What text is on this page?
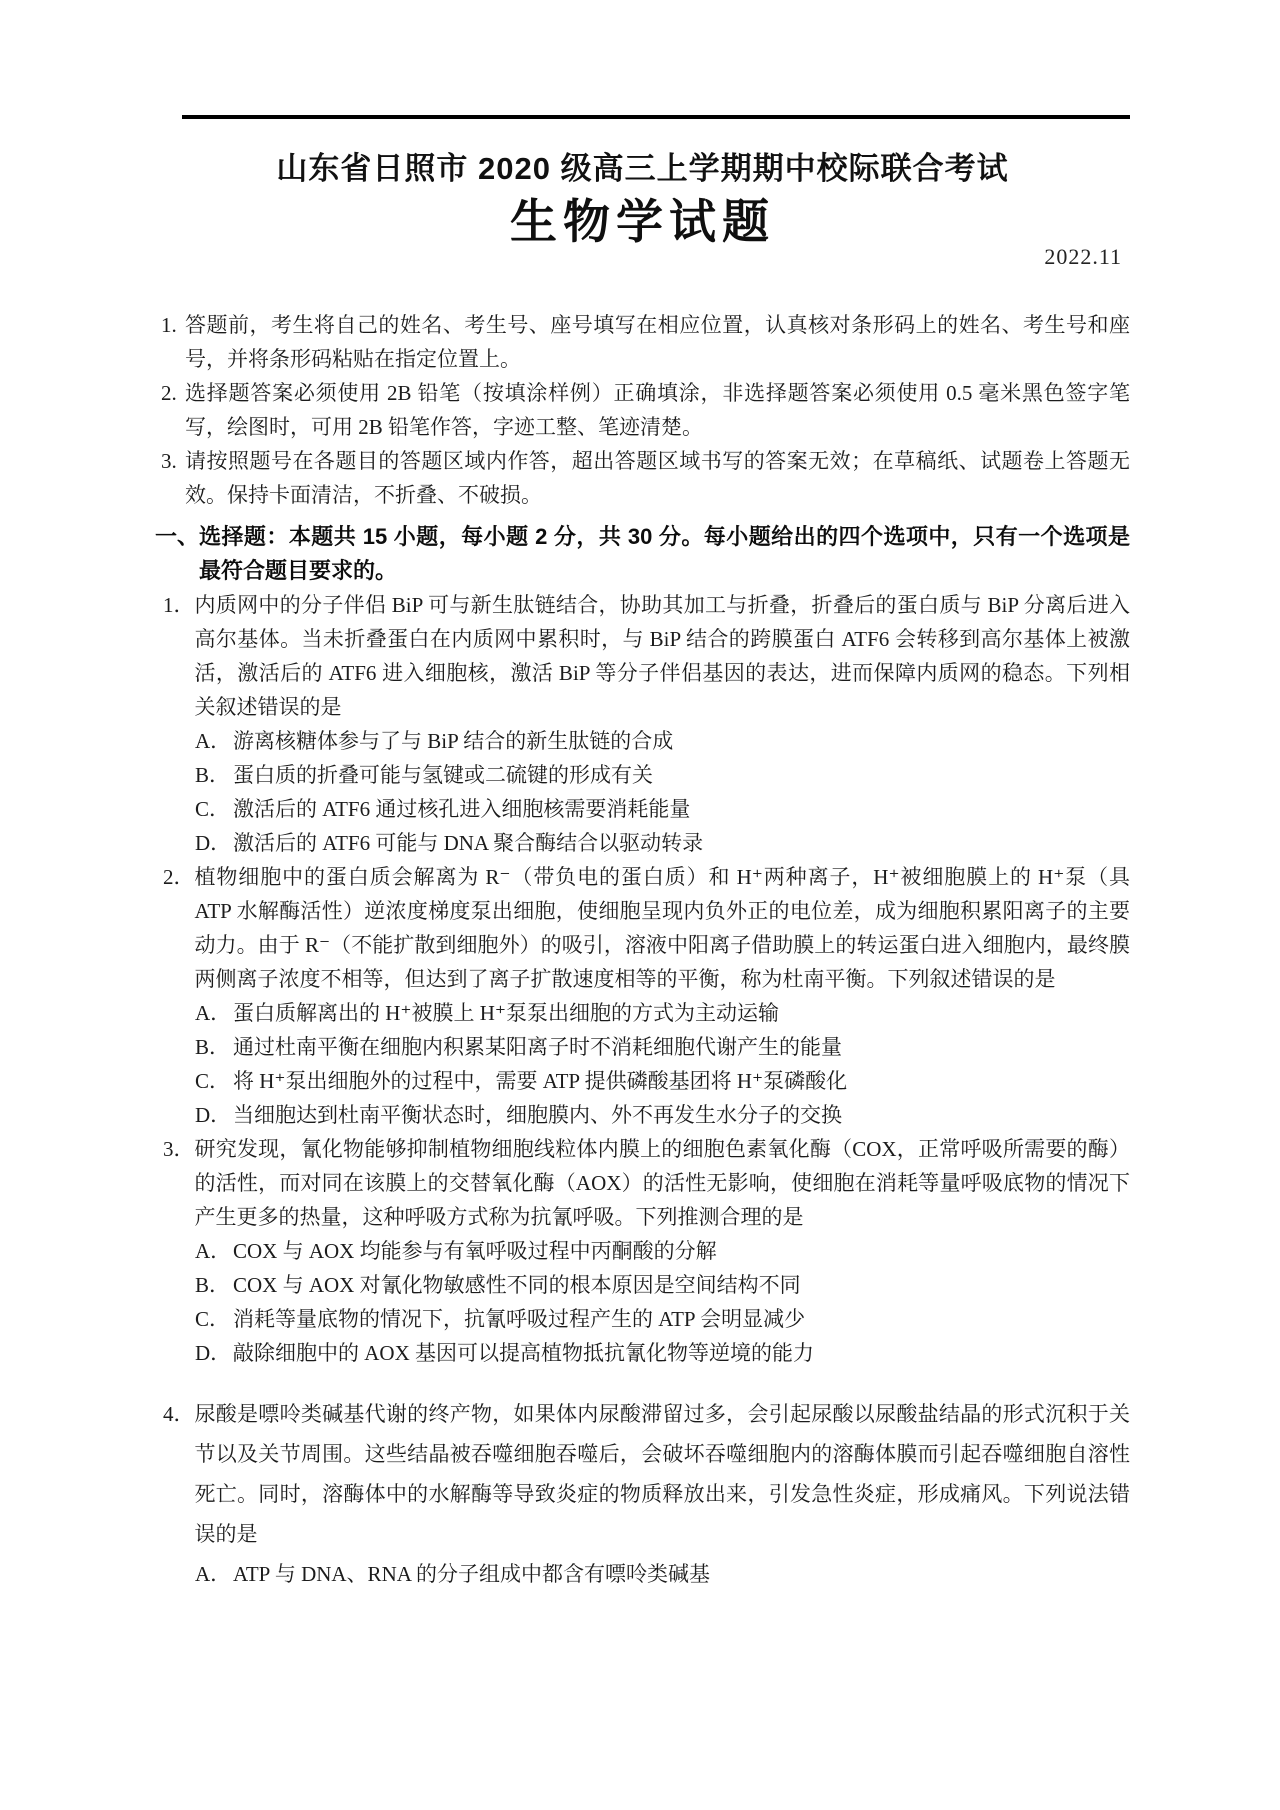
山东省日照市 2020 级高三上学期期中校际联合考试
生物学试题
2022.11
1. 答题前，考生将自己的姓名、考生号、座号填写在相应位置，认真核对条形码上的姓名、考生号和座号，并将条形码粘贴在指定位置上。
2. 选择题答案必须使用 2B 铅笔（按填涂样例）正确填涂，非选择题答案必须使用 0.5 毫米黑色签字笔写，绘图时，可用 2B 铅笔作答，字迹工整、笔迹清楚。
3. 请按照题号在各题目的答题区域内作答，超出答题区域书写的答案无效；在草稿纸、试题卷上答题无效。保持卡面清洁，不折叠、不破损。
一、 选择题：本题共 15 小题，每小题 2 分，共 30 分。每小题给出的四个选项中，只有一个选项是最符合题目要求的。
1． 内质网中的分子伴侣 BiP 可与新生肽链结合，协助其加工与折叠，折叠后的蛋白质与 BiP 分离后进入高尔基体。当未折叠蛋白在内质网中累积时，与 BiP 结合的跨膜蛋白 ATF6 会转移到高尔基体上被激活，激活后的 ATF6 进入细胞核，激活 BiP 等分子伴侣基因的表达，进而保障内质网的稳态。下列相关叙述错误的是
A． 游离核糖体参与了与 BiP 结合的新生肽链的合成
B． 蛋白质的折叠可能与氢键或二硫键的形成有关
C． 激活后的 ATF6 通过核孔进入细胞核需要消耗能量
D． 激活后的 ATF6 可能与 DNA 聚合酶结合以驱动转录
2． 植物细胞中的蛋白质会解离为 R⁻（带负电的蛋白质）和 H⁺两种离子，H⁺被细胞膜上的 H⁺泵（具 ATP 水解酶活性）逆浓度梯度泵出细胞，使细胞呈现内负外正的电位差，成为细胞积累阳离子的主要动力。由于 R⁻（不能扩散到细胞外）的吸引，溶液中阳离子借助膜上的转运蛋白进入细胞内，最终膜两侧离子浓度不相等，但达到了离子扩散速度相等的平衡，称为杜南平衡。下列叙述错误的是
A． 蛋白质解离出的 H⁺被膜上 H⁺泵泵出细胞的方式为主动运输
B． 通过杜南平衡在细胞内积累某阳离子时不消耗细胞代谢产生的能量
C． 将 H⁺泵出细胞外的过程中，需要 ATP 提供磷酸基团将 H⁺泵磷酸化
D． 当细胞达到杜南平衡状态时，细胞膜内、外不再发生水分子的交换
3． 研究发现，氰化物能够抑制植物细胞线粒体内膜上的细胞色素氧化酶（COX，正常呼吸所需要的酶）的活性，而对同在该膜上的交替氧化酶（AOX）的活性无影响，使细胞在消耗等量呼吸底物的情况下产生更多的热量，这种呼吸方式称为抗氰呼吸。下列推测合理的是
A． COX 与 AOX 均能参与有氧呼吸过程中丙酮酸的分解
B． COX 与 AOX 对氰化物敏感性不同的根本原因是空间结构不同
C． 消耗等量底物的情况下，抗氰呼吸过程产生的 ATP 会明显减少
D． 敲除细胞中的 AOX 基因可以提高植物抵抗氰化物等逆境的能力
4． 尿酸是嘌呤类碱基代谢的终产物，如果体内尿酸滞留过多，会引起尿酸以尿酸盐结晶的形式沉积于关节以及关节周围。这些结晶被吞噬细胞吞噬后，会破坏吞噬细胞内的溶酶体膜而引起吞噬细胞自溶性死亡。同时，溶酶体中的水解酶等导致炎症的物质释放出来，引发急性炎症，形成痛风。下列说法错误的是
A． ATP 与 DNA、RNA 的分子组成中都含有嘌呤类碱基
